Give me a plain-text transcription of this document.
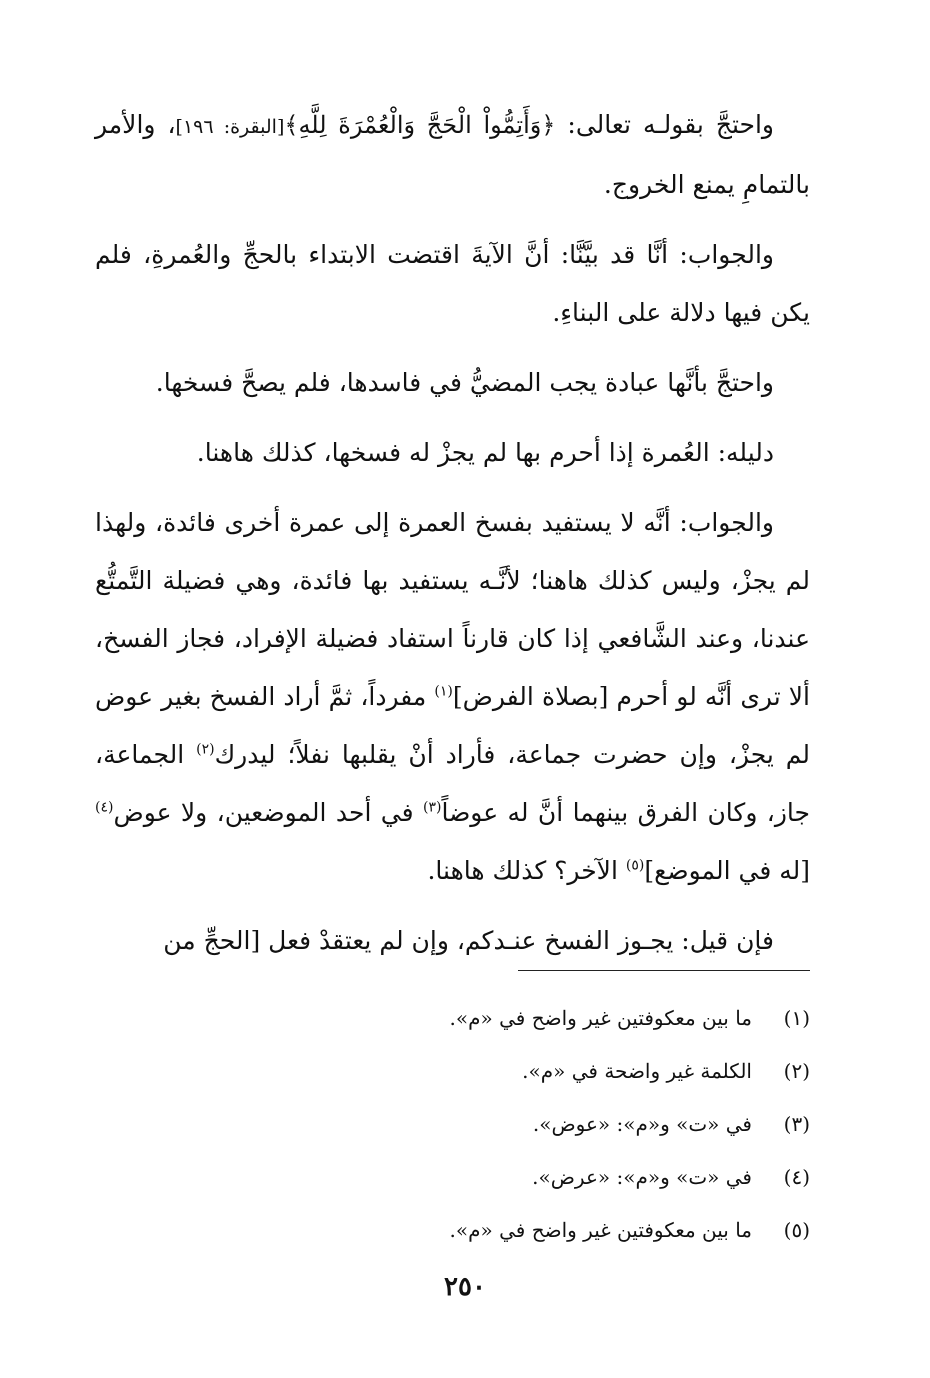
واحتجَّ بقولـه تعالى: ﴿وَأَتِمُّواْ الْحَجَّ وَالْعُمْرَةَ لِلَّهِ﴾[البقرة: ١٩٦]، والأمر بالتمامِ يمنع الخروج.

والجواب: أنَّا قد بيَّنَّا: أنَّ الآيةَ اقتضت الابتداء بالحجِّ والعُمرةِ، فلم يكن فيها دلالة على البناءِ.

واحتجَّ بأنَّها عبادة يجب المضيُّ في فاسدها، فلم يصحَّ فسخها.

دليله: العُمرة إذا أحرم بها لم يجزْ له فسخها، كذلك هاهنا.

والجواب: أنَّه لا يستفيد بفسخ العمرة إلى عمرة أخرى فائدة، ولهذا لم يجزْ، وليس كذلك هاهنا؛ لأنَّـه يستفيد بها فائدة، وهي فضيلة التَّمتُّع عندنا، وعند الشَّافعي إذا كان قارناً استفاد فضيلة الإفراد، فجاز الفسخ، ألا ترى أنَّه لو أحرم [بصلاة الفرض]$^{(١)}$ مفرداً، ثمَّ أراد الفسخ بغير عوض لم يجزْ، وإن حضرت جماعة، فأراد أنْ يقلبها نفلاً؛ ليدرك$^{(٢)}$ الجماعة، جاز، وكان الفرق بينهما أنَّ له عوضاً$^{(٣)}$ في أحد الموضعين، ولا عوض$^{(٤)}$ [له في الموضع]$^{(٥)}$ الآخر؟ كذلك هاهنا.

فإن قيل: يجـوز الفسخ عنـدكم، وإن لم يعتقدْ فعل [الحجِّ من

(١)
ما بين معكوفتين غير واضح في «م».
(٢)
الكلمة غير واضحة في «م».
(٣)
في «ت» و«م»: «عوض».
(٤)
في «ت» و«م»: «عرض».
(٥)
ما بين معكوفتين غير واضح في «م».
٢٥٠
